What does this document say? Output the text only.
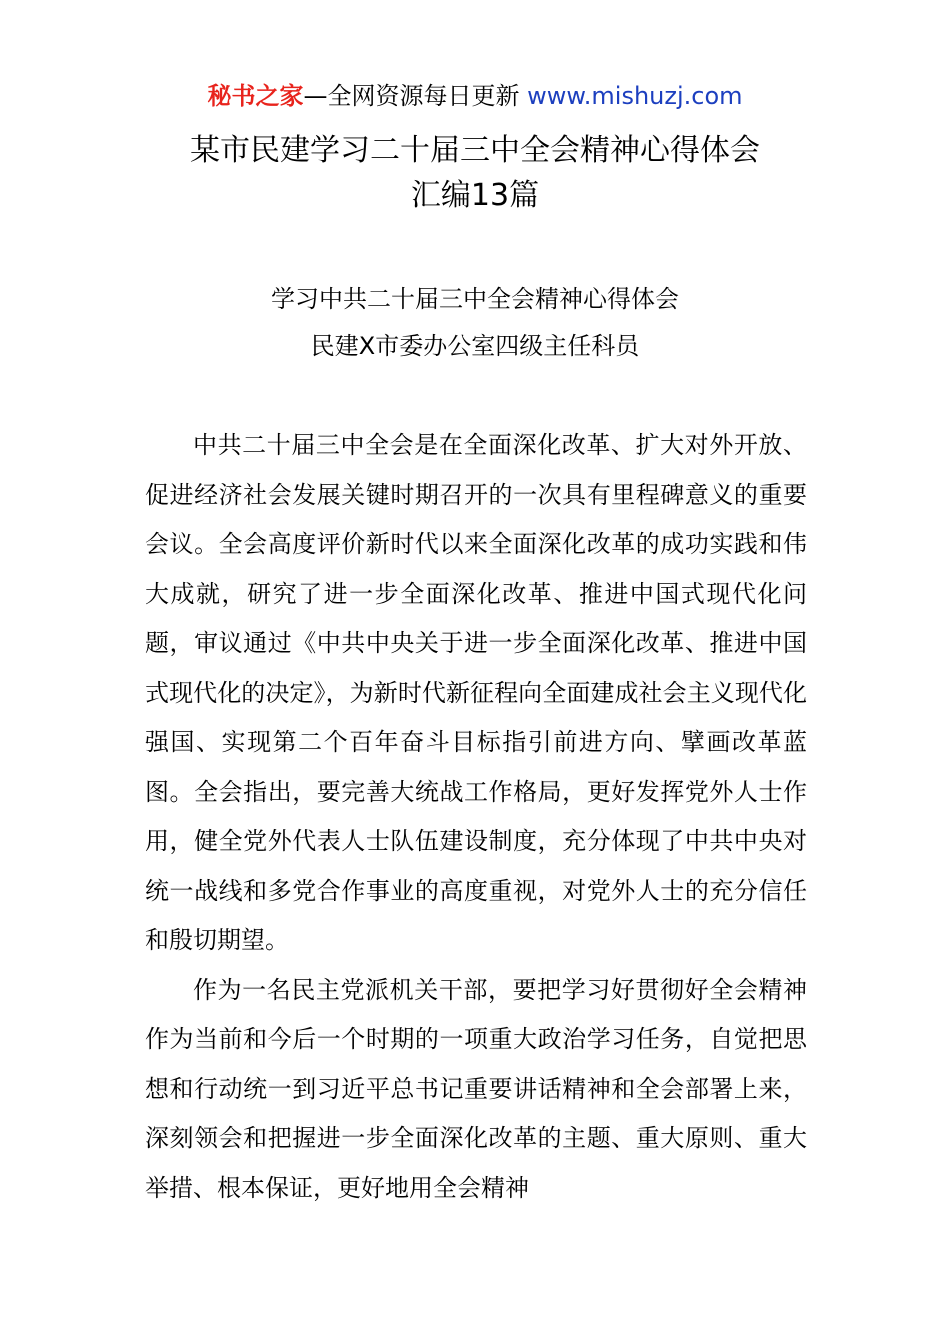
秘书之家—全网资源每日更新 www.mishuzj.com
某市民建学习二十届三中全会精神心得体会
汇编13篇
学习中共二十届三中全会精神心得体会
民建X市委办公室四级主任科员

中共二十届三中全会是在全面深化改革、扩大对外开放、促进经济社会发展关键时期召开的一次具有里程碑意义的重要会议。全会高度评价新时代以来全面深化改革的成功实践和伟大成就，研究了进一步全面深化改革、推进中国式现代化问题，审议通过《中共中央关于进一步全面深化改革、推进中国式现代化的决定》，为新时代新征程向全面建成社会主义现代化强国、实现第二个百年奋斗目标指引前进方向、擘画改革蓝图。全会指出，要完善大统战工作格局，更好发挥党外人士作用，健全党外代表人士队伍建设制度，充分体现了中共中央对统一战线和多党合作事业的高度重视，对党外人士的充分信任和殷切期望。

作为一名民主党派机关干部，要把学习好贯彻好全会精神作为当前和今后一个时期的一项重大政治学习任务，自觉把思想和行动统一到习近平总书记重要讲话精神和全会部署上来，深刻领会和把握进一步全面深化改革的主题、重大原则、重大举措、根本保证，更好地用全会精神
